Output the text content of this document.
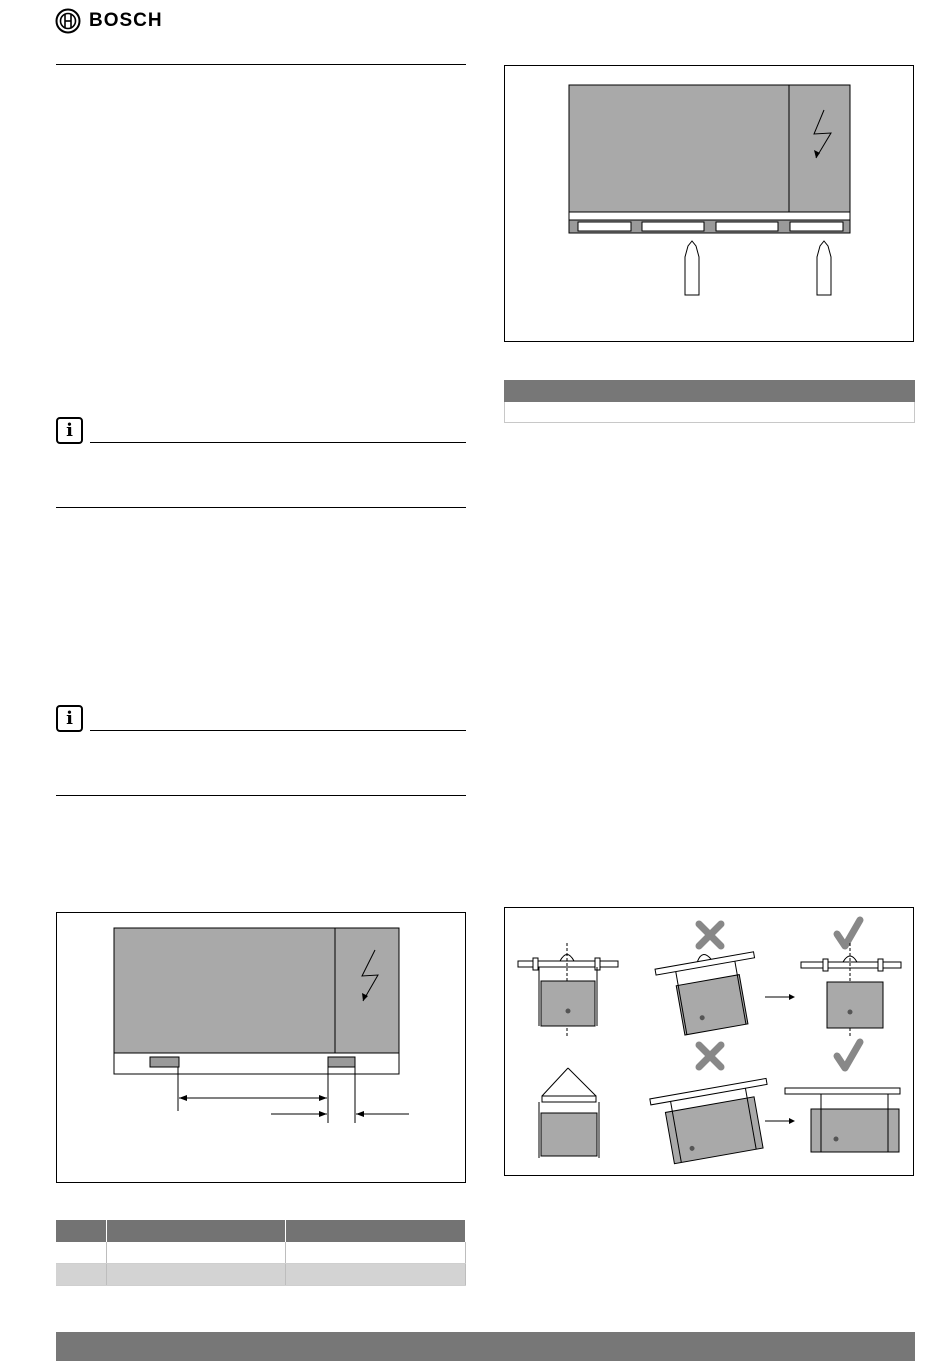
BOSCH
i
i
